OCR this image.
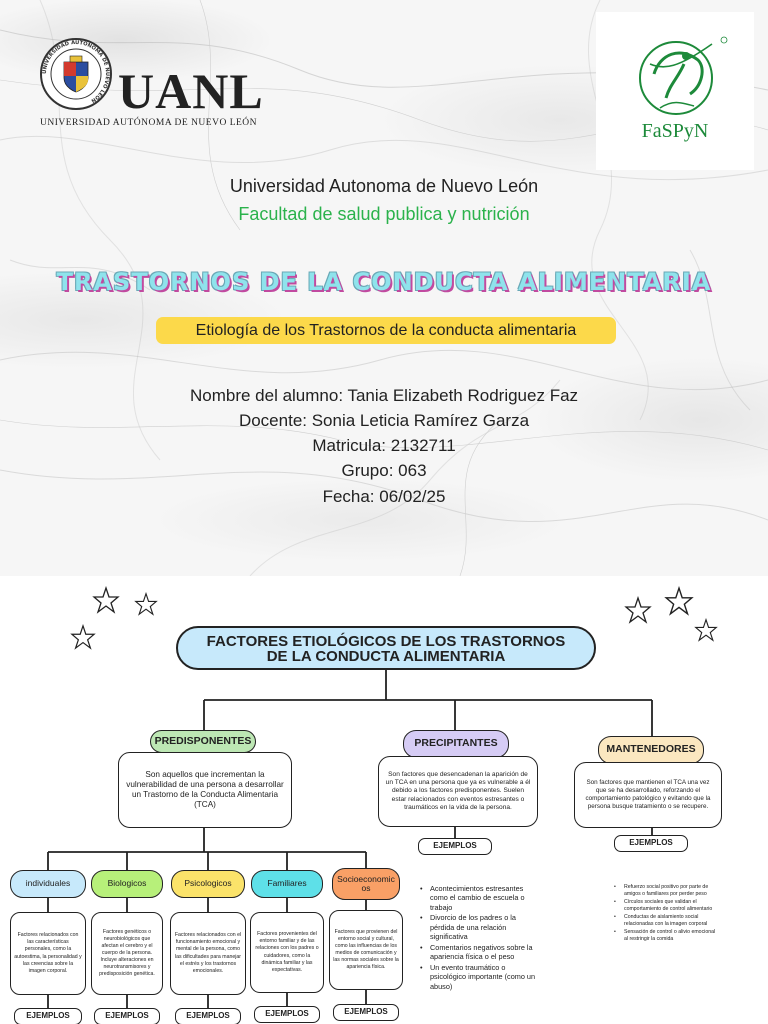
UNIVERSIDAD AUTONOMA DE NUEVO LEON UANL
UNIVERSIDAD AUTÓNOMA DE NUEVO LEÓN	FaSPyN
Universidad Autonoma de Nuevo León
Facultad de salud publica y nutrición
TRASTORNOS DE LA CONDUCTA ALIMENTARIA
Etiología de los Trastornos de la conducta alimentaria
Nombre del alumno: Tania Elizabeth Rodriguez Faz
Docente: Sonia Leticia Ramírez Garza
Matricula: 2132711
Grupo: 063
Fecha: 06/02/25
FACTORES ETIOLÓGICOS DE LOS TRASTORNOS
DE LA CONDUCTA ALIMENTARIA
PREDISPONENTES
Son aquellos que incrementan la vulnerabilidad de una persona a desarrollar un Trastorno de la Conducta Alimentaria (TCA)
PRECIPITANTES
Son factores que desencadenan la aparición de un TCA en una persona que ya es vulnerable a él debido a los factores predisponentes. Suelen estar relacionados con eventos estresantes o traumáticos en la vida de la persona.
EJEMPLOS
• Acontecimientos estresantes como el cambio de escuela o trabajo
• Divorcio de los padres o la pérdida de una relación significativa
• Comentarios negativos sobre la apariencia física o el peso
• Un evento traumático o psicológico importante (como un abuso)
MANTENEDORES
Son factores que mantienen el TCA una vez que se ha desarrollado, reforzando el comportamiento patológico y evitando que la persona busque tratamiento o se recupere.
EJEMPLOS
• Refuerzo social positivo por parte de amigos o familiares por perder peso
• Círculos sociales que validan el comportamiento de control alimentario
• Conductas de aislamiento social relacionadas con la imagen corporal
• Sensación de control o alivio emocional al restringir la comida
individuales	Biologicos	Psicologicos	Familiares	Socioeconomicos
Factores relacionados con las características personales, como la autoestima, la personalidad y las creencias sobre la imagen corporal.
Factores genéticos o neurobiológicos que afectan el cerebro y el cuerpo de la persona. Incluye alteraciones en neurotransmisores y predisposición genética.
Factores relacionados con el funcionamiento emocional y mental de la persona, como las dificultades para manejar el estrés y los trastornos emocionales.
Factores provenientes del entorno familiar y de las relaciones con los padres o cuidadores, como la dinámica familiar y las expectativas.
Factores que provienen del entorno social y cultural, como las influencias de los medios de comunicación y las normas sociales sobre la apariencia física.
EJEMPLOS	EJEMPLOS	EJEMPLOS	EJEMPLOS	EJEMPLOS
